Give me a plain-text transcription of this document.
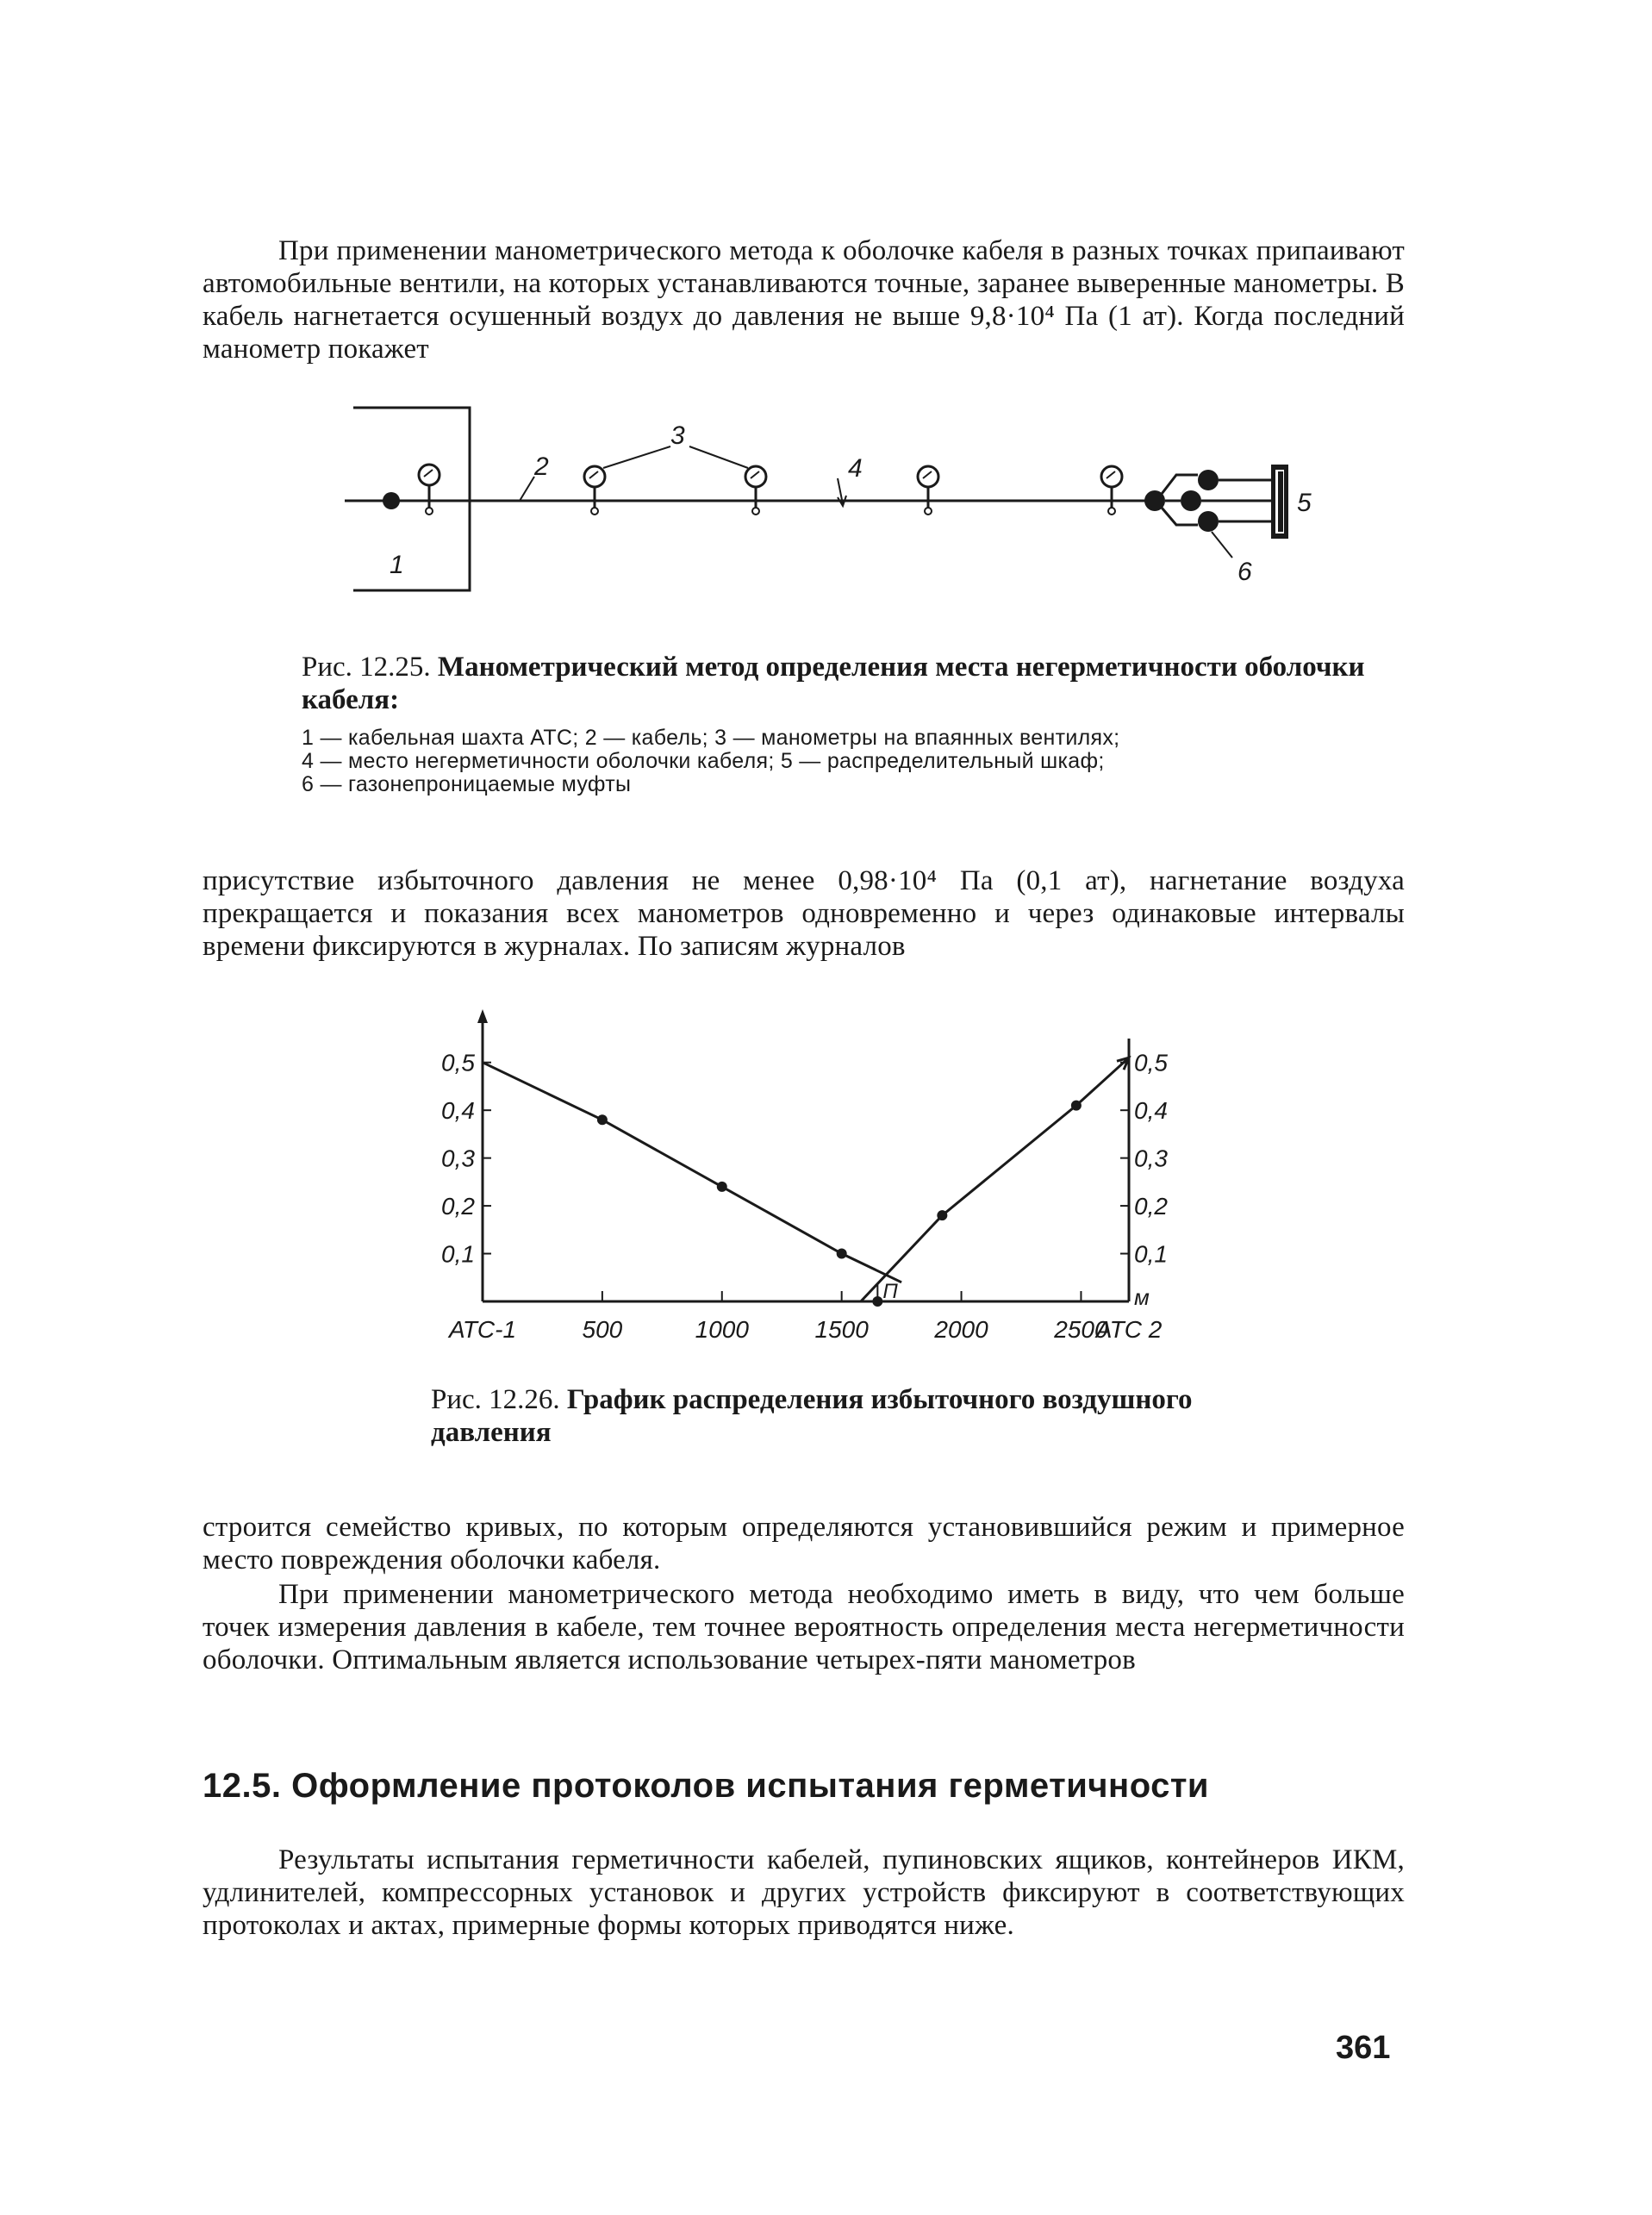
При применении манометрического метода к оболочке кабеля в разных точках припаивают автомобильные вентили, на которых устанавливаются точные, заранее выверенные манометры. В кабель нагнетается осушенный воздух до давления не выше 9,8·10⁴ Па (1 ат). Когда последний манометр покажет

1
2
3
4
5
6

Рис. 12.25. Манометрический метод определения места негерметичности оболочки кабеля:

1 — кабельная шахта АТС; 2 — кабель; 3 — манометры на впаянных вентилях;

4 — место негерметичности оболочки кабеля; 5 — распределительный шкаф;

6 — газонепроницаемые муфты

присутствие избыточного давления не менее 0,98·10⁴ Па (0,1 ат), нагнетание воздуха прекращается и показания всех манометров одновременно и через одинаковые интервалы времени фиксируются в журналах. По записям журналов

0,1	0,1
0,2	0,2
0,3	0,3
0,4	0,4
0,5	0,5
АТС-1	500	1000	1500	2000	2500
АТС 2
м
П

Рис. 12.26. График распределения избыточного воздушного давления

строится семейство кривых, по которым определяются установившийся режим и примерное место повреждения оболочки кабеля.

При применении манометрического метода необходимо иметь в виду, что чем больше точек измерения давления в кабеле, тем точнее вероятность определения места негерметичности оболочки. Оптимальным является использование четырех-пяти манометров

12.5. Оформление протоколов испытания герметичности

Результаты испытания герметичности кабелей, пупиновских ящиков, контейнеров ИКМ, удлинителей, компрессорных установок и других устройств фиксируют в соответствующих протоколах и актах, примерные формы которых приводятся ниже.

361
